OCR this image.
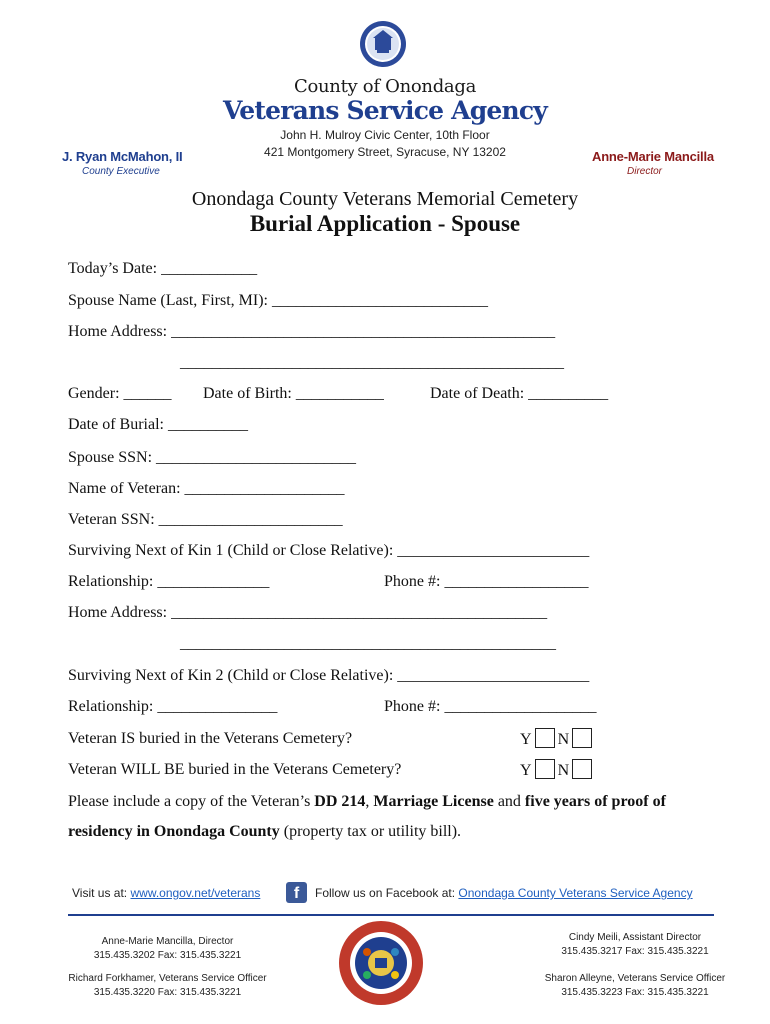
County of Onondaga
Veterans Service Agency
John H. Mulroy Civic Center, 10th Floor
421 Montgomery Street, Syracuse, NY 13202
J. Ryan McMahon, II
County Executive
Anne-Marie Mancilla
Director
Onondaga County Veterans Memorial Cemetery
Burial Application - Spouse
Today’s Date: ____________
Spouse Name (Last, First, MI): ___________________________
Home Address: ________________________________________________
________________________________________________
Gender: ______ Date of Birth: ___________	Date of Death: __________
Date of Burial: __________
Spouse SSN: _________________________
Name of Veteran: ____________________
Veteran SSN: _______________________
Surviving Next of Kin 1 (Child or Close Relative): ________________________
Relationship: ______________	Phone #: __________________
Home Address: _______________________________________________
_______________________________________________
Surviving Next of Kin 2 (Child or Close Relative): ________________________
Relationship: _______________	Phone #: ___________________
Veteran IS buried in the Veterans Cemetery?	Y N
Veteran WILL BE buried in the Veterans Cemetery?	Y N
Please include a copy of the Veteran’s DD 214, Marriage License and five years of proof of residency in Onondaga County (property tax or utility bill).
Visit us at: www.ongov.net/veterans	f	Follow us on Facebook at: Onondaga County Veterans Service Agency
Anne-Marie Mancilla, Director
315.435.3202 Fax: 315.435.3221
Richard Forkhamer, Veterans Service Officer
315.435.3220 Fax: 315.435.3221
Cindy Meili, Assistant Director
315.435.3217 Fax: 315.435.3221
Sharon Alleyne, Veterans Service Officer
315.435.3223 Fax: 315.435.3221
